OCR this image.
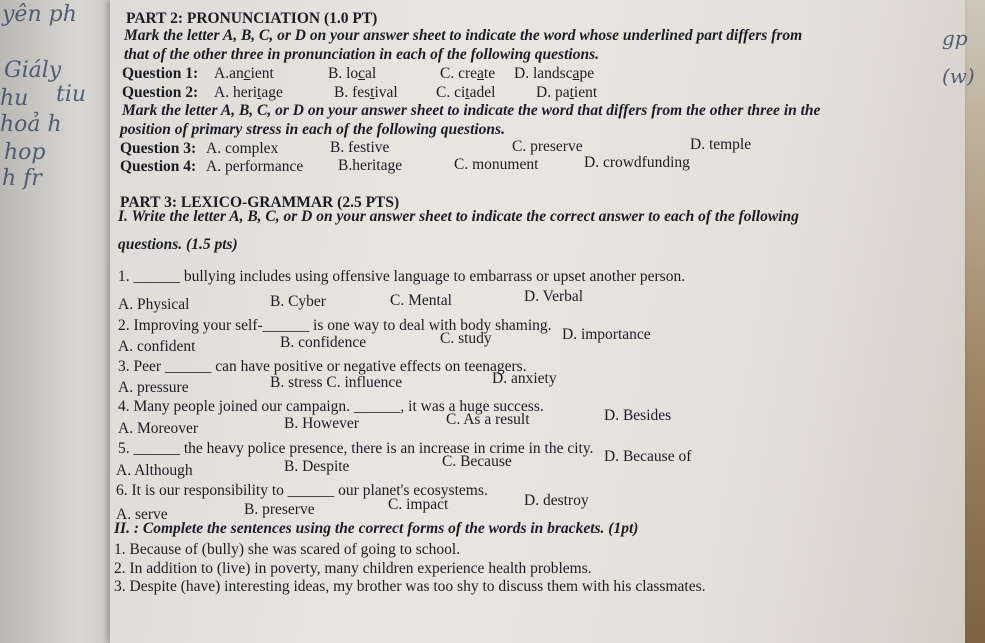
yên ph
Giály
hu tiu
hoả h
hop
h fr
gp
(w)
PART 2: PRONUNCIATION (1.0 PT)
Mark the letter A, B, C, or D on your answer sheet to indicate the word whose underlined part differs from
that of the other three in pronunciation in each of the following questions.
Question 1: A.ancient	B. local	C. create D. landscape
Question 2: A. heritage	B. festival C. citadel	D. patient
Mark the letter A, B, C, or D on your answer sheet to indicate the word that differs from the other three in the
position of primary stress in each of the following questions.
Question 3: A. complex	B. festive	C. preserve	D. temple
Question 4: A. performance B.heritage	C. monument	D. crowdfunding
PART 3: LEXICO-GRAMMAR (2.5 PTS)
I. Write the letter A, B, C, or D on your answer sheet to indicate the correct answer to each of the following
questions. (1.5 pts)
1. ______ bullying includes using offensive language to embarrass or upset another person.
A. Physical	B. Cyber	C. Mental	D. Verbal
2. Improving your self-______ is one way to deal with body shaming.
A. confident	B. confidence	C. study	D. importance
3. Peer ______ can have positive or negative effects on teenagers.
A. pressure	B. stress C. influence	D. anxiety
4. Many people joined our campaign. ______, it was a huge success.
A. Moreover	B. However	C. As a result	D. Besides
5. ______ the heavy police presence, there is an increase in crime in the city.
A. Although	B. Despite	C. Because	D. Because of
6. It is our responsibility to ______ our planet's ecosystems.
A. serve	B. preserve	C. impact	D. destroy
II. : Complete the sentences using the correct forms of the words in brackets. (1pt)
1. Because of (bully) she was scared of going to school.
2. In addition to (live) in poverty, many children experience health problems.
3. Despite (have) interesting ideas, my brother was too shy to discuss them with his classmates.
